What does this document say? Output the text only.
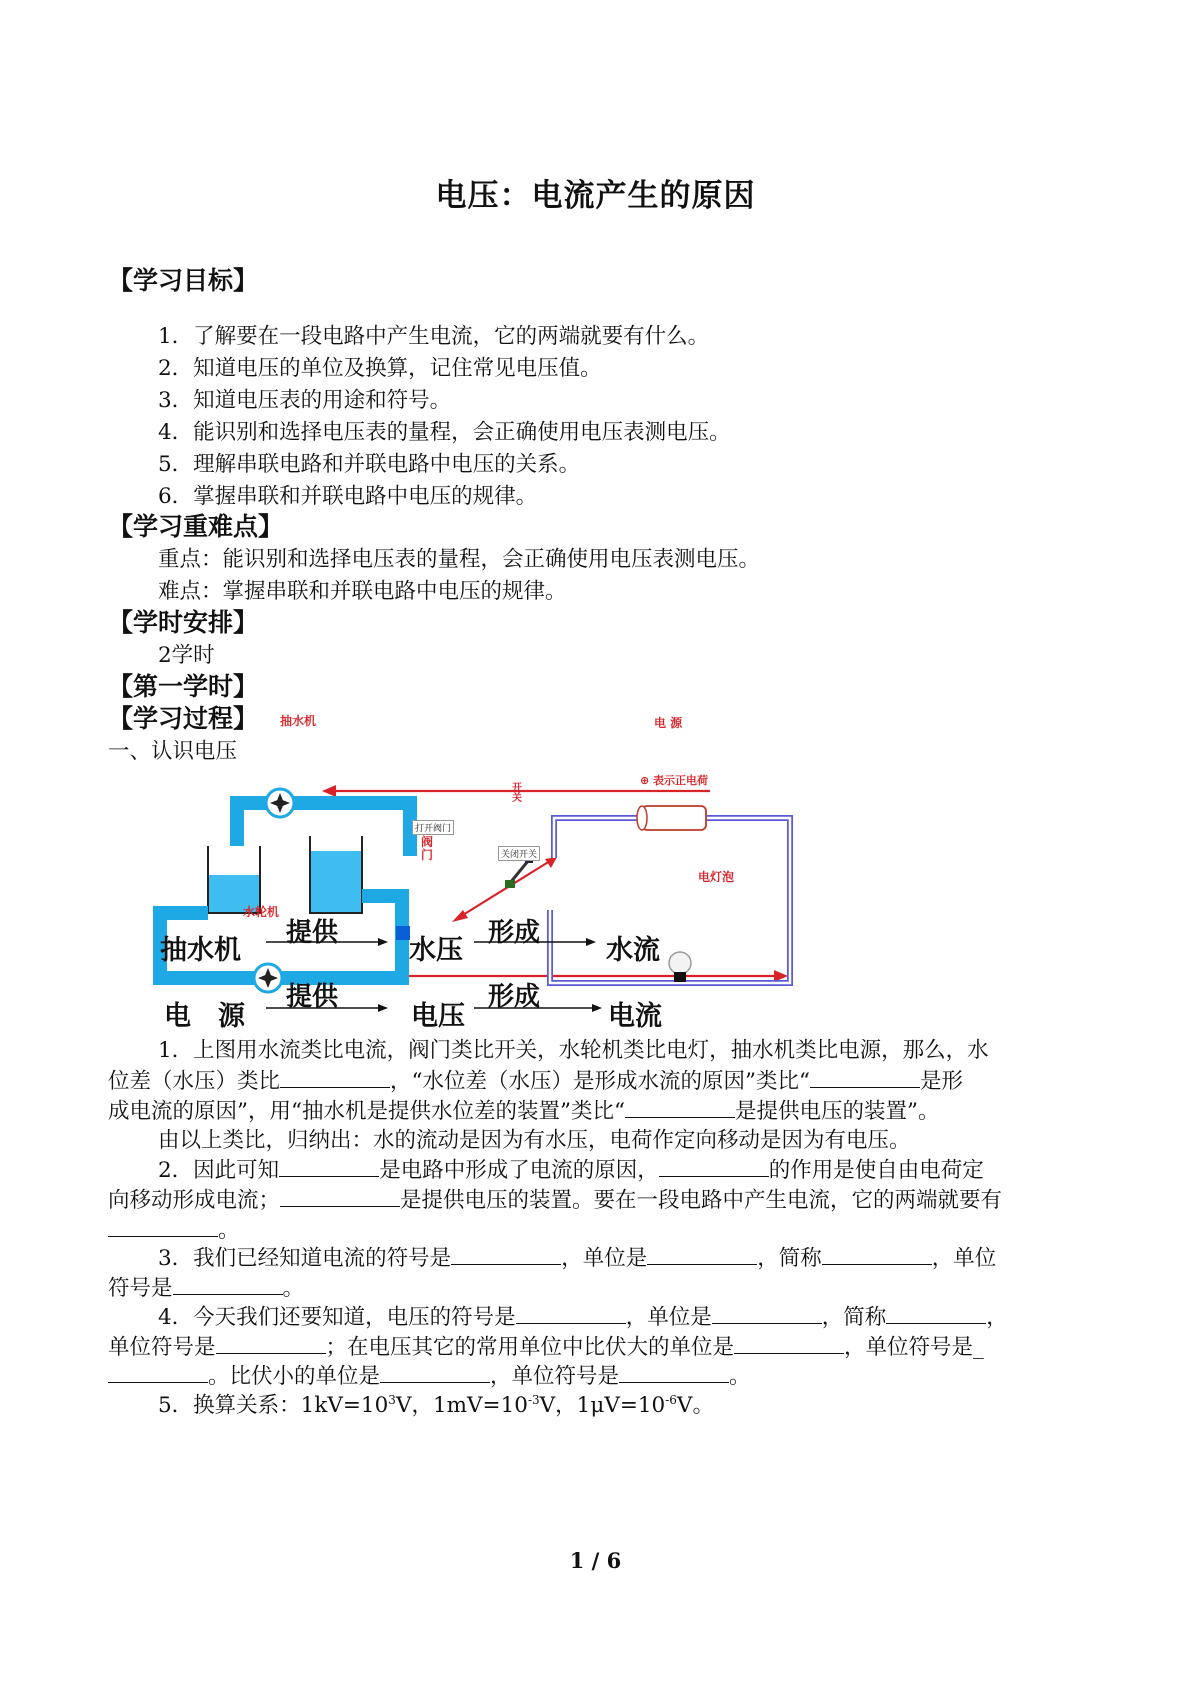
电压：电流产生的原因
【学习目标】
1．了解要在一段电路中产生电流，它的两端就要有什么。
2．知道电压的单位及换算，记住常见电压值。
3．知道电压表的用途和符号。
4．能识别和选择电压表的量程，会正确使用电压表测电压。
5．理解串联电路和并联电路中电压的关系。
6．掌握串联和并联电路中电压的规律。
【学习重难点】
重点：能识别和选择电压表的量程，会正确使用电压表测电压。
难点：掌握串联和并联电路中电压的规律。
【学时安排】
2学时
【第一学时】
【学习过程】
一、认识电压
抽水机	电 源
⊕ 表示正电荷
打开阀门
阀门
开关
关闭开关
电灯泡
水轮机
抽水机
提供
水压
形成
水流
电　源
提供
电压
形成
电流
1．上图用水流类比电流，阀门类比开关，水轮机类比电灯，抽水机类比电源，那么，水
位差（水压）类比	，“水位差（水压）是形成水流的原因”类比“	是形
成电流的原因”，用“抽水机是提供水位差的装置”类比“	是提供电压的装置”。
由以上类比，归纳出：水的流动是因为有水压，电荷作定向移动是因为有电压。
2．因此可知	是电路中形成了电流的原因，	的作用是使自由电荷定
向移动形成电流；	是提供电压的装置。要在一段电路中产生电流，它的两端就要有
。
3．我们已经知道电流的符号是	，单位是	，简称	，单位
符号是	。
4．今天我们还要知道，电压的符号是	，单位是	，简称	，
单位符号是	；在电压其它的常用单位中比伏大的单位是	，单位符号是_
。比伏小的单位是	，单位符号是	。
5．换算关系：$1kV=10^3V$，$1mV=10^{-3}V$，$1\mu V=10^{-6}V$。
1 / 6
